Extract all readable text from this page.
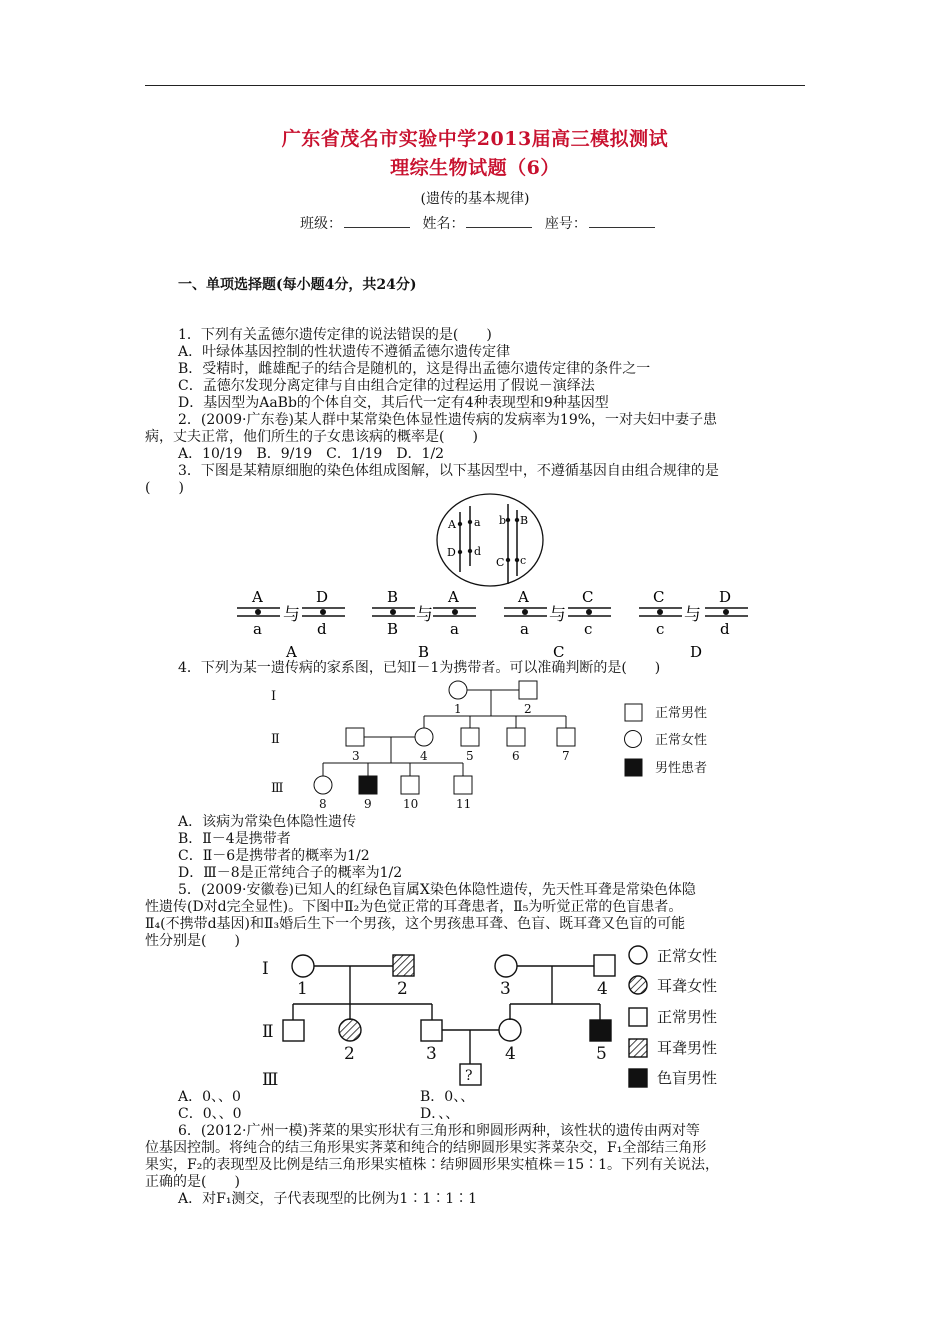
广东省茂名市实验中学2013届高三模拟测试
理综生物试题（6）
(遗传的基本规律)
班级：	姓名：	座号：
一、单项选择题(每小题4分，共24分)
1．下列有关孟德尔遗传定律的说法错误的是(　　)
A．叶绿体基因控制的性状遗传不遵循孟德尔遗传定律
B．受精时，雌雄配子的结合是随机的，这是得出孟德尔遗传定律的条件之一
C．孟德尔发现分离定律与自由组合定律的过程运用了假说－演绎法
D．基因型为AaBb的个体自交，其后代一定有4种表现型和9种基因型
2．(2009·广东卷)某人群中某常染色体显性遗传病的发病率为19%，一对夫妇中妻子患
病，丈夫正常，他们所生的子女患该病的概率是(　　)
A．10/19　B．9/19　C．1/19　D．1/2
3．下图是某精原细胞的染色体组成图解，以下基因型中，不遵循基因自由组合规律的是
(　　)
A a
D d
B
b
C c
A
a
与
D
d
A
B
B
与
A
a
B
A
a
与
C
c
C
C
c
与
D
d
D
Ⅰ
Ⅱ
Ⅲ
1	2
3	4	5	6	7
8	9	10	11
正常男性
正常女性
男性患者
Ⅰ
Ⅱ
Ⅲ
1	2	3	4
2	3	4	5
?
正常女性
耳聋女性
正常男性
耳聋男性
色盲男性
4．下列为某一遗传病的家系图，已知Ⅰ－1为携带者。可以准确判断的是(　　)
A．该病为常染色体隐性遗传
B．Ⅱ－4是携带者
C．Ⅱ－6是携带者的概率为1/2
D．Ⅲ－8是正常纯合子的概率为1/2
5．(2009·安徽卷)已知人的红绿色盲属X染色体隐性遗传，先天性耳聋是常染色体隐
性遗传(D对d完全显性)。下图中Ⅱ₂为色觉正常的耳聋患者，Ⅱ₅为听觉正常的色盲患者。
Ⅱ₄(不携带d基因)和Ⅱ₃婚后生下一个男孩，这个男孩患耳聋、色盲、既耳聋又色盲的可能
性分别是(　　)
A．0、、0	B．0、、
C．0、、0	D．、、
6．(2012·广州一模)荠菜的果实形状有三角形和卵圆形两种，该性状的遗传由两对等
位基因控制。将纯合的结三角形果实荠菜和纯合的结卵圆形果实荠菜杂交，F₁全部结三角形
果实，F₂的表现型及比例是结三角形果实植株∶结卵圆形果实植株＝15∶1。下列有关说法，
正确的是(　　)
A．对F₁测交，子代表现型的比例为1∶1∶1∶1
